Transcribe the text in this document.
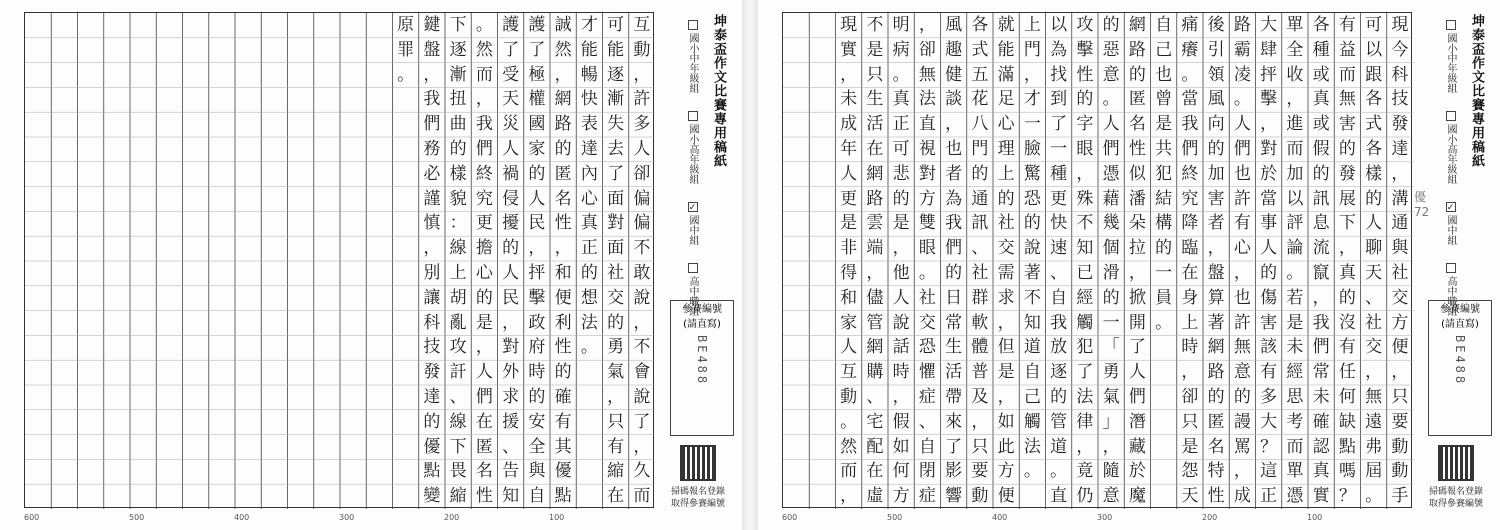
互
動
，
許
多
人
卻
偏
偏
不
敢
說
，
不
會
說
了
，
久
而
可
能
逐
漸
失
去
了
面
對
面
社
交
的
勇
氣
，
只
有
縮
在
才
能
暢
快
表
達
內
心
真
正
的
想
法
。
誠
然
，
網
路
的
匿
名
性
，
和
便
利
性
的
確
有
其
優
點
護
了
極
權
國
家
的
人
民
，
抨
擊
政
府
時
的
安
全
與
自
護
了
受
天
災
人
禍
侵
擾
的
人
民
，
對
外
求
援
、
告
知
。
然
而
，
我
們
終
究
更
擔
心
的
是
，
人
們
在
匿
名
性
下
逐
漸
扭
曲
的
樣
貌
：
線
上
胡
亂
攻
訐
、
線
下
畏
縮
鍵
盤
，
我
們
務
必
謹
慎
，
別
讓
科
技
發
達
的
優
點
變
原
罪
。
600	500	400	300	200	100
坤泰盃作文比賽專用稿紙
國小中年級組
國小高年級組
✓
國中組
高中職組
參賽編號
(請直寫)
BE488
掃碼報名登錄
取得參賽編號
現
今
科
技
發
達
，
溝
通
與
社
交
方
便
，
只
要
動
動
手
可
以
跟
各
式
各
樣
的
人
聊
天
、
社
交
，
無
遠
弗
屆
。
有
益
而
無
害
的
發
展
下
，
真
的
沒
有
任
何
缺
點
嗎
？
各
種
或
真
或
假
的
訊
息
流
竄
，
我
們
常
未
確
認
真
實
單
全
收
，
進
而
加
以
評
論
。
若
是
未
經
思
考
而
單
憑
大
肆
抨
擊
，
對
於
當
事
人
的
傷
害
該
有
多
大
？
這
正
路
霸
凌
。
人
們
也
許
有
心
，
也
許
無
意
的
謾
罵
，
成
後
引
領
風
向
的
加
害
者
，
盤
算
著
網
路
的
匿
名
特
性
痛
癢
。
當
我
們
終
究
降
臨
在
身
上
時
，
卻
只
是
怨
天
自
己
也
曾
是
共
犯
結
構
的
一
員
。
網
路
的
匿
名
性
似
潘
朵
拉
，
掀
開
了
人
們
潛
藏
於
魔
的
惡
意
。
人
們
憑
藉
幾
個
滑
的
一
「
勇
氣
」
，
隨
意
攻
擊
性
的
字
眼
，
殊
不
知
已
經
觸
犯
了
法
律
，
竟
仍
以
為
找
到
了
一
種
更
快
速
、
自
我
放
逐
的
管
道
。
直
上
門
，
才
一
臉
驚
恐
的
說
著
不
知
道
自
己
觸
法
。
就
能
滿
足
心
理
上
的
社
交
需
求
，
但
是
，
如
此
方
便
各
式
五
花
八
門
的
通
訊
、
社
群
軟
體
普
及
，
只
要
動
風
趣
健
談
，
也
者
為
我
們
的
日
常
生
活
帶
來
了
影
響
，
卻
無
法
直
視
對
方
雙
眼
。
社
交
恐
懼
症
、
自
閉
症
明
病
。
真
正
可
悲
的
是
，
他
人
說
話
時
，
假
如
何
方
不
是
只
生
活
在
網
路
雲
端
，
儘
管
網
購
、
宅
配
在
虛
現
實
，
未
成
年
人
更
是
非
得
和
家
人
互
動
。
然
而
，
600	500	400	300	200	100
坤泰盃作文比賽專用稿紙
國小中年級組
國小高年級組
✓
國中組
高中職組
優 72
參賽編號
(請直寫)
BE488
掃碼報名登錄
取得參賽編號
